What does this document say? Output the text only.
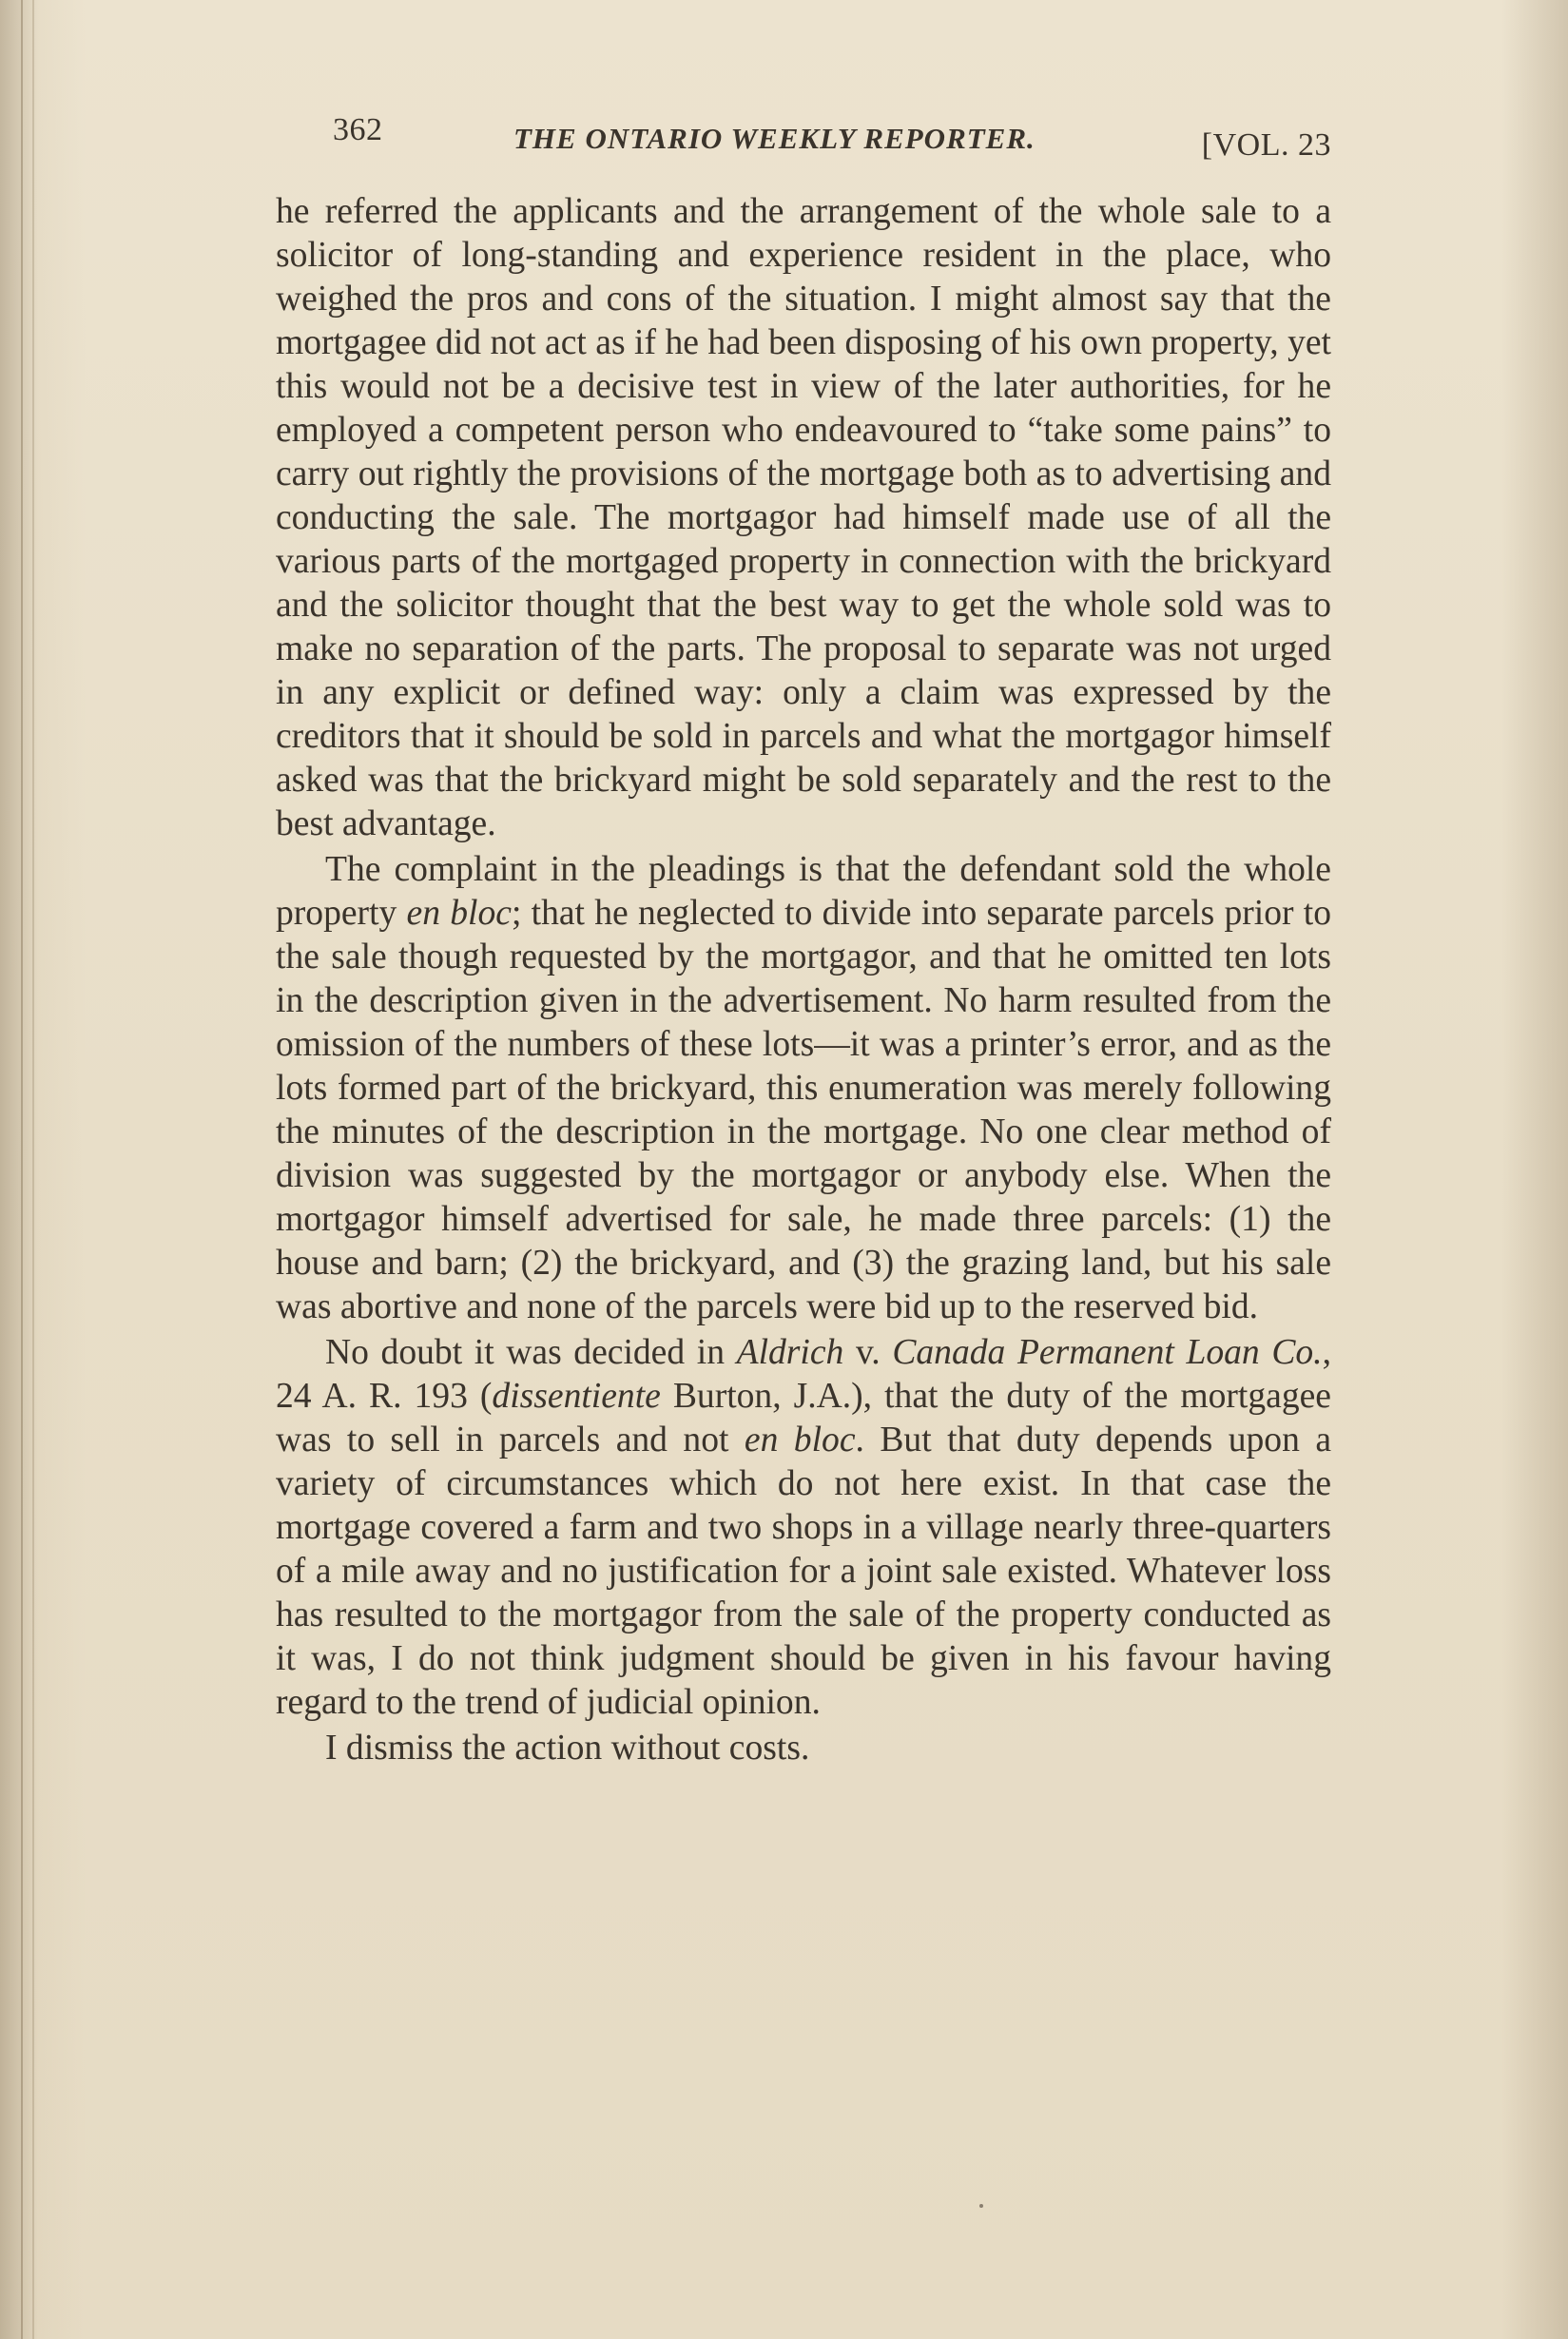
362	THE ONTARIO WEEKLY REPORTER.	[VOL. 23

he referred the applicants and the arrangement of the whole sale to a solicitor of long-standing and experience resident in the place, who weighed the pros and cons of the situation. I might almost say that the mortgagee did not act as if he had been disposing of his own property, yet this would not be a decisive test in view of the later authorities, for he employed a competent person who endeavoured to “take some pains” to carry out rightly the provisions of the mortgage both as to advertising and conducting the sale. The mortgagor had himself made use of all the various parts of the mortgaged property in connection with the brickyard and the solicitor thought that the best way to get the whole sold was to make no separation of the parts. The proposal to separate was not urged in any explicit or defined way: only a claim was expressed by the creditors that it should be sold in parcels and what the mortgagor himself asked was that the brickyard might be sold separately and the rest to the best advantage.

The complaint in the pleadings is that the defendant sold the whole property en bloc; that he neglected to divide into separate parcels prior to the sale though requested by the mortgagor, and that he omitted ten lots in the description given in the advertisement. No harm resulted from the omission of the numbers of these lots—it was a printer’s error, and as the lots formed part of the brickyard, this enumeration was merely following the minutes of the description in the mortgage. No one clear method of division was suggested by the mortgagor or anybody else. When the mortgagor himself advertised for sale, he made three parcels: (1) the house and barn; (2) the brickyard, and (3) the grazing land, but his sale was abortive and none of the parcels were bid up to the reserved bid.

No doubt it was decided in Aldrich v. Canada Permanent Loan Co., 24 A. R. 193 (dissentiente Burton, J.A.), that the duty of the mortgagee was to sell in parcels and not en bloc. But that duty depends upon a variety of circumstances which do not here exist. In that case the mortgage covered a farm and two shops in a village nearly three-quarters of a mile away and no justification for a joint sale existed. Whatever loss has resulted to the mortgagor from the sale of the property conducted as it was, I do not think judgment should be given in his favour having regard to the trend of judicial opinion.

I dismiss the action without costs.
